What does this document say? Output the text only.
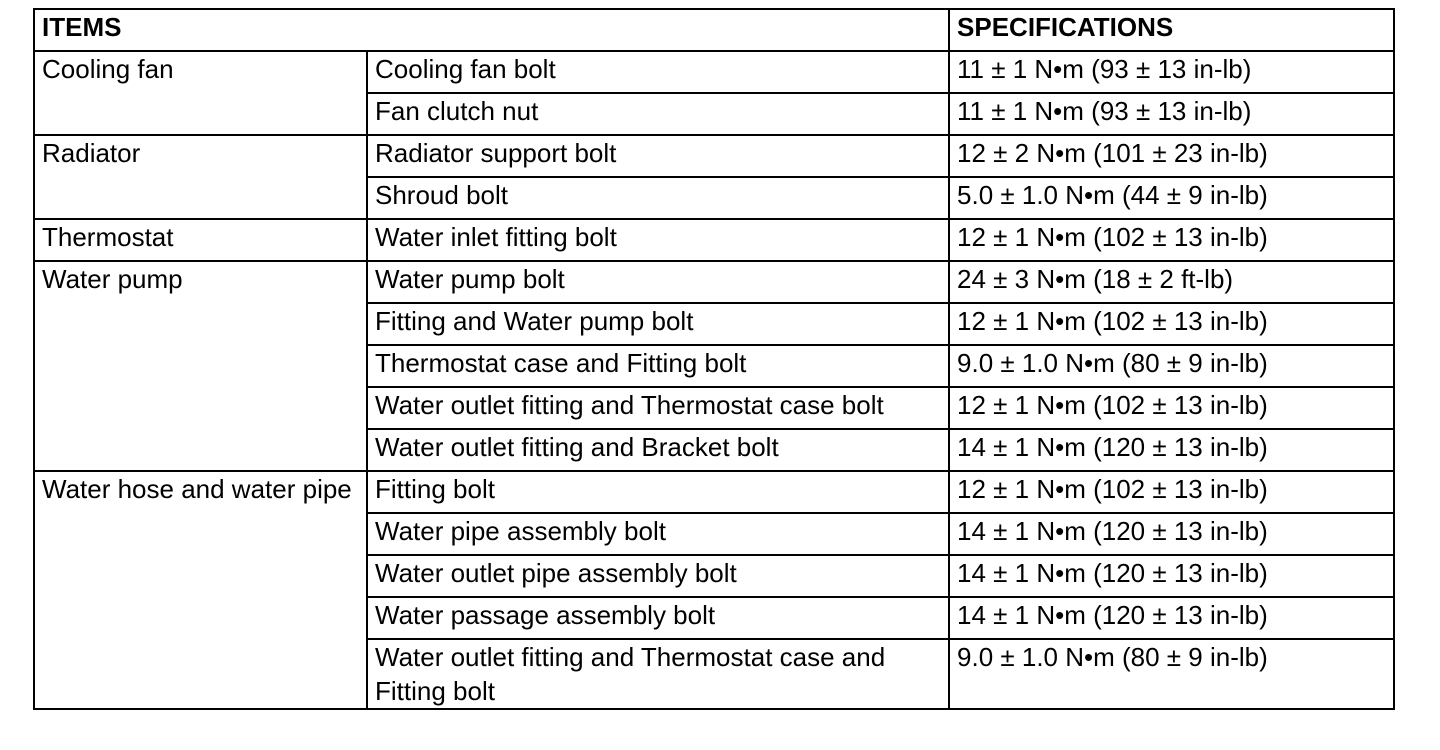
ITEMS		SPECIFICATIONS
Cooling fan	Cooling fan bolt	11 ± 1 N•m (93 ± 13 in-lb)
	Fan clutch nut	11 ± 1 N•m (93 ± 13 in-lb)
Radiator	Radiator support bolt	12 ± 2 N•m (101 ± 23 in-lb)
	Shroud bolt	5.0 ± 1.0 N•m (44 ± 9 in-lb)
Thermostat	Water inlet fitting bolt	12 ± 1 N•m (102 ± 13 in-lb)
Water pump	Water pump bolt	24 ± 3 N•m (18 ± 2 ft-lb)
	Fitting and Water pump bolt	12 ± 1 N•m (102 ± 13 in-lb)
	Thermostat case and Fitting bolt	9.0 ± 1.0 N•m (80 ± 9 in-lb)
	Water outlet fitting and Thermostat case bolt	12 ± 1 N•m (102 ± 13 in-lb)
	Water outlet fitting and Bracket bolt	14 ± 1 N•m (120 ± 13 in-lb)
Water hose and water pipe	Fitting bolt	12 ± 1 N•m (102 ± 13 in-lb)
	Water pipe assembly bolt	14 ± 1 N•m (120 ± 13 in-lb)
	Water outlet pipe assembly bolt	14 ± 1 N•m (120 ± 13 in-lb)
	Water passage assembly bolt	14 ± 1 N•m (120 ± 13 in-lb)
	Water outlet fitting and Thermostat case and Fitting bolt	9.0 ± 1.0 N•m (80 ± 9 in-lb)
